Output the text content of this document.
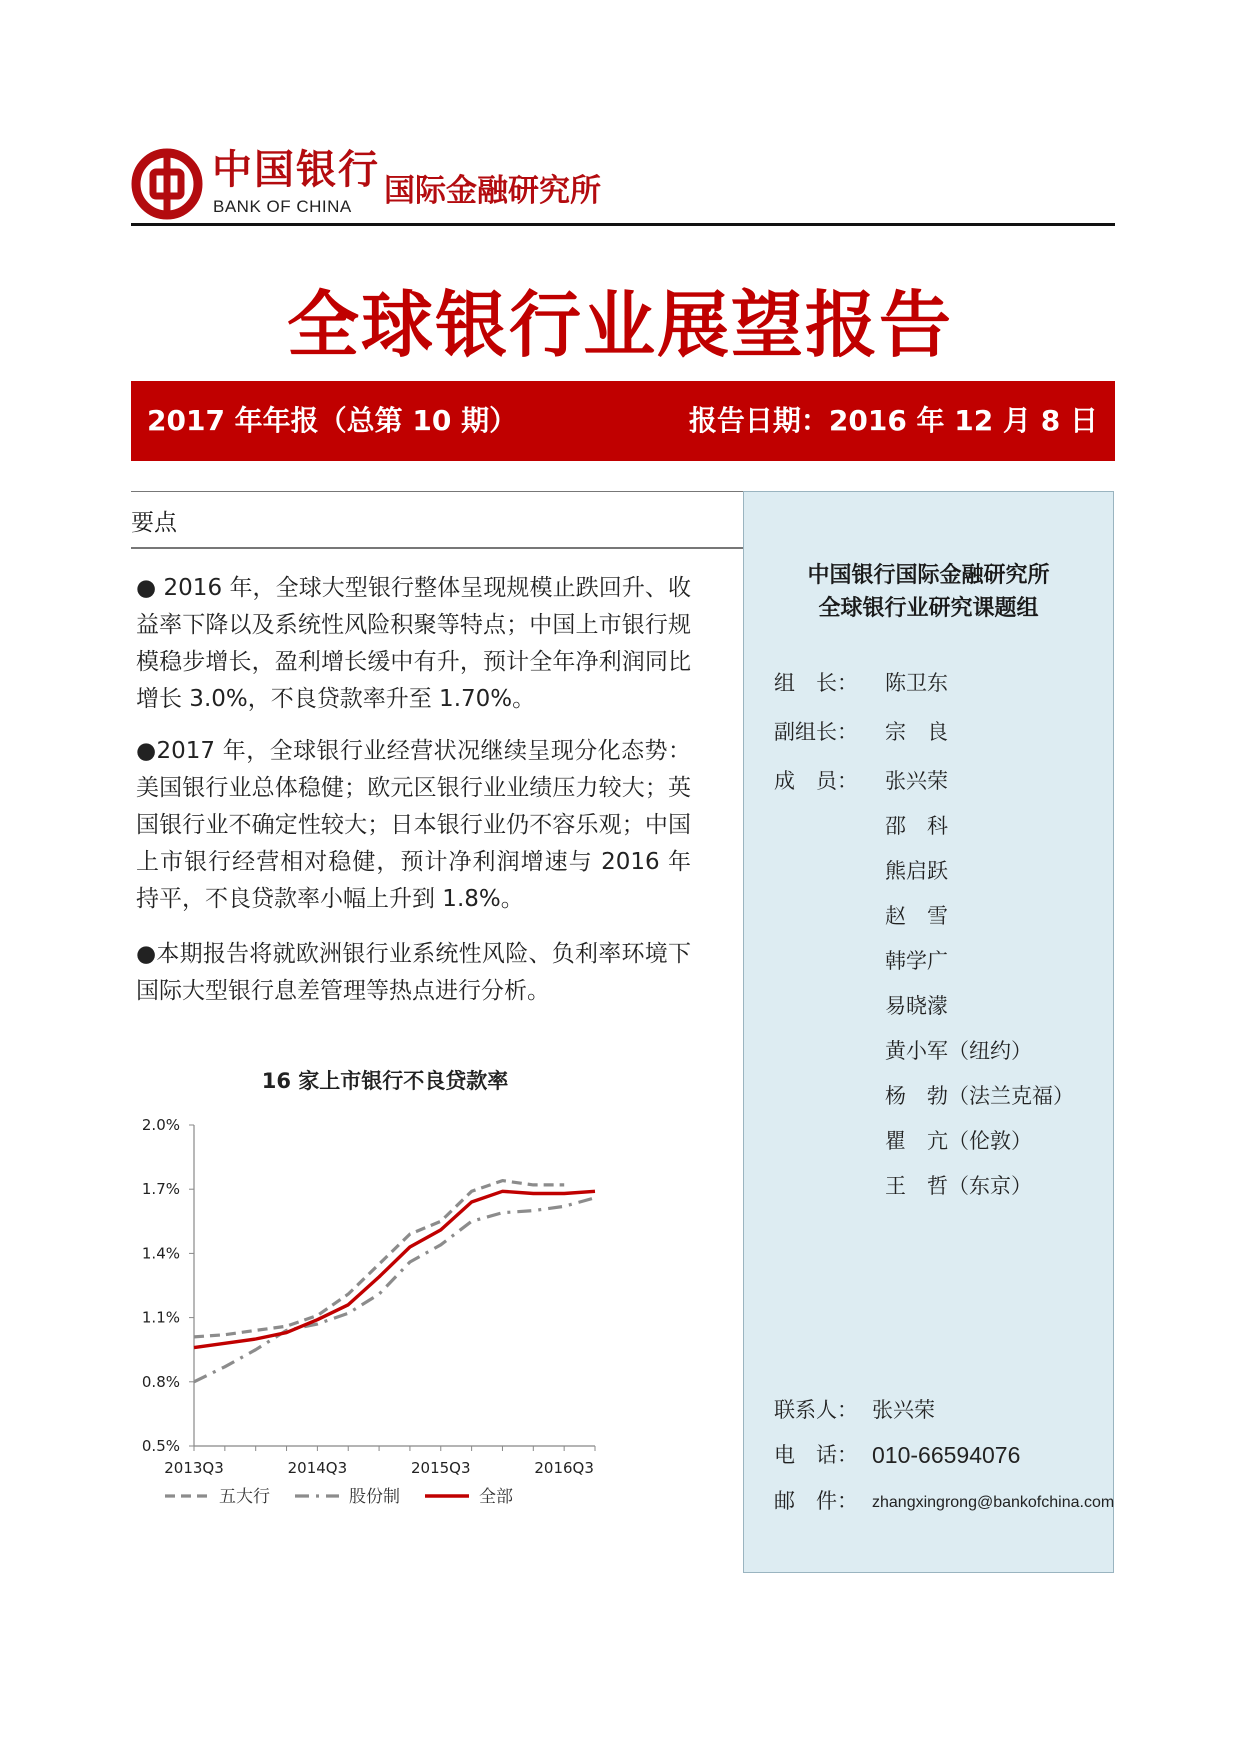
中国银行
BANK OF CHINA 国际金融研究所
全球银行业展望报告
2017 年年报（总第 10 期）	报告日期：2016 年 12 月 8 日
要点
● 2016 年，全球大型银行整体呈现规模止跌回升、收益率下降以及系统性风险积聚等特点；中国上市银行规模稳步增长，盈利增长缓中有升，预计全年净利润同比增长 3.0%，不良贷款率升至 1.70%。
●2017 年，全球银行业经营状况继续呈现分化态势：美国银行业总体稳健；欧元区银行业业绩压力较大；英国银行业不确定性较大；日本银行业仍不容乐观；中国上市银行经营相对稳健，预计净利润增速与 2016 年持平，不良贷款率小幅上升到 1.8%。
●本期报告将就欧洲银行业系统性风险、负利率环境下国际大型银行息差管理等热点进行分析。
16 家上市银行不良贷款率
2.0%
1.7%
1.4%
1.1%
0.8%
0.5%
2013Q3	2014Q3	2015Q3	2016Q3
五大行	股份制	全部
中国银行国际金融研究所
全球银行业研究课题组
组　长： 陈卫东
副组长： 宗　良
成　员： 张兴荣
邵　科
熊启跃
赵　雪
韩学广
易晓濛
黄小军（纽约）
杨　勃（法兰克福）
瞿　亢（伦敦）
王　哲（东京）
联系人： 张兴荣
电　话： 010-66594076
邮　件： zhangxingrong@bankofchina.com
